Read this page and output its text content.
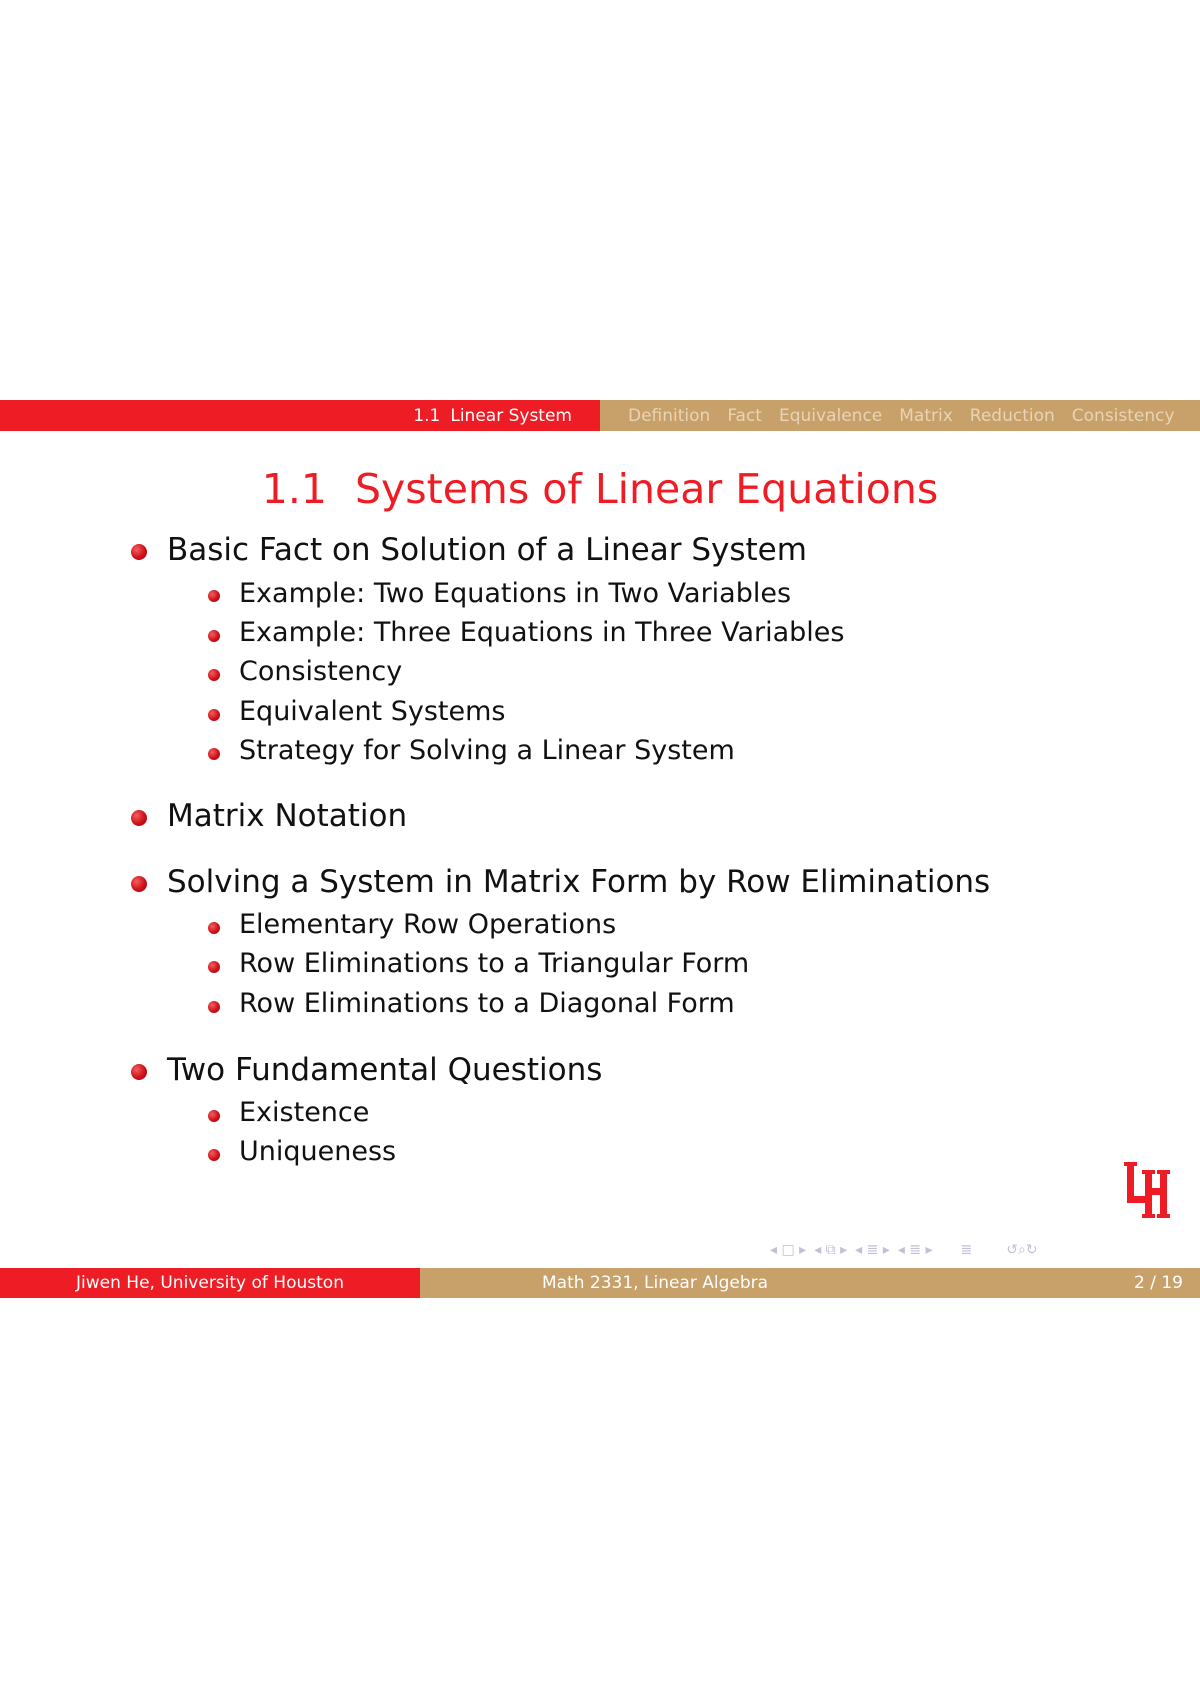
1.1 Linear System	Definition Fact Equivalence Matrix Reduction Consistency
1.1 Systems of Linear Equations
Basic Fact on Solution of a Linear System
Example: Two Equations in Two Variables
Example: Three Equations in Three Variables
Consistency
Equivalent Systems
Strategy for Solving a Linear System
Matrix Notation
Solving a System in Matrix Form by Row Eliminations
Elementary Row Operations
Row Eliminations to a Triangular Form
Row Eliminations to a Diagonal Form
Two Fundamental Questions
Existence
Uniqueness
◂ □ ▸ ◂ ⧉ ▸ ◂ ≣ ▸ ◂ ≣ ▸ ≣ ↺⌕↻
Jiwen He, University of Houston	Math 2331, Linear Algebra	2 / 19
